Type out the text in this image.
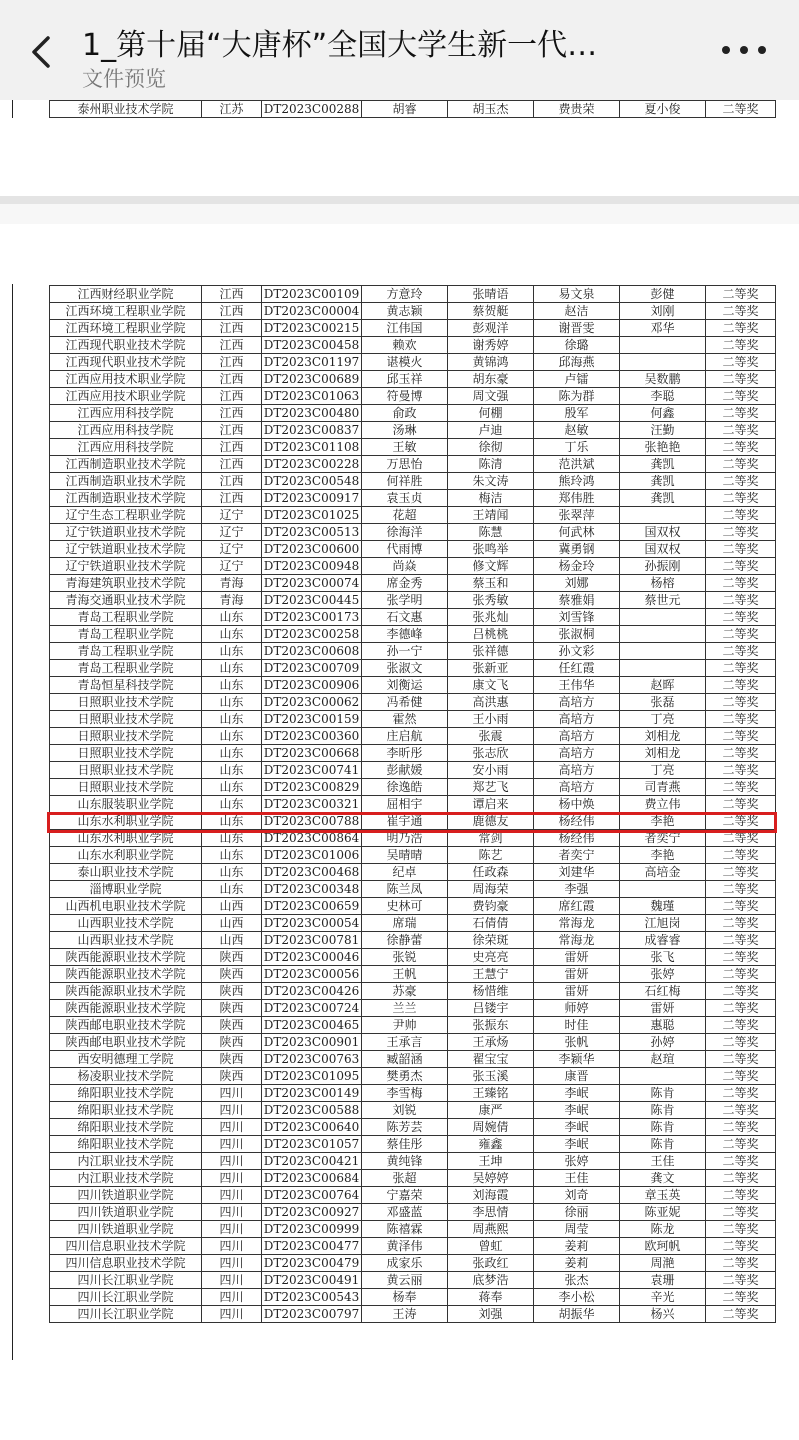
1_第十届“大唐杯”全国大学生新一代…
文件预览
泰州职业技术学院	江苏	DT2023C00288	胡睿	胡玉杰	费贵荣	夏小俊	二等奖
江西财经职业学院	江西	DT2023C00109	方意玲	张晴语	易文泉	彭健	二等奖
江西环境工程职业学院	江西	DT2023C00004	黄志颖	蔡贺艇	赵洁	刘刚	二等奖
江西环境工程职业学院	江西	DT2023C00215	江伟国	彭观洋	谢晋雯	邓华	二等奖
江西现代职业技术学院	江西	DT2023C00458	赖欢	谢秀婷	徐璐		二等奖
江西现代职业技术学院	江西	DT2023C01197	谌模火	黄锦鸿	邱海燕		二等奖
江西应用技术职业学院	江西	DT2023C00689	邱玉祥	胡东豪	卢镭	吴数鹏	二等奖
江西应用技术职业学院	江西	DT2023C01063	符曼博	周文强	陈为群	李聪	二等奖
江西应用科技学院	江西	DT2023C00480	俞政	何棚	殷军	何鑫	二等奖
江西应用科技学院	江西	DT2023C00837	汤琳	卢迪	赵敏	汪勤	二等奖
江西应用科技学院	江西	DT2023C01108	王敏	徐彻	丁乐	张艳艳	二等奖
江西制造职业技术学院	江西	DT2023C00228	万思怡	陈清	范洪斌	龚凯	二等奖
江西制造职业技术学院	江西	DT2023C00548	何祥胜	朱文涛	熊玲鸿	龚凯	二等奖
江西制造职业技术学院	江西	DT2023C00917	袁玉贞	梅洁	郑伟胜	龚凯	二等奖
辽宁生态工程职业学院	辽宁	DT2023C01025	花超	王靖闻	张翠萍		二等奖
辽宁铁道职业技术学院	辽宁	DT2023C00513	徐海洋	陈慧	何武林	国双权	二等奖
辽宁铁道职业技术学院	辽宁	DT2023C00600	代雨博	张鸣举	冀勇钢	国双权	二等奖
辽宁铁道职业技术学院	辽宁	DT2023C00948	尚焱	修文辉	杨金玲	孙振刚	二等奖
青海建筑职业技术学院	青海	DT2023C00074	席金秀	蔡玉和	刘娜	杨榕	二等奖
青海交通职业技术学院	青海	DT2023C00445	张学明	张秀敏	蔡雅娟	蔡世元	二等奖
青岛工程职业学院	山东	DT2023C00173	石文惠	张兆灿	刘雪锋		二等奖
青岛工程职业学院	山东	DT2023C00258	李德峰	吕桃桃	张淑桐		二等奖
青岛工程职业学院	山东	DT2023C00608	孙一宁	张祥德	孙文彩		二等奖
青岛工程职业学院	山东	DT2023C00709	张淑文	张新亚	任红霞		二等奖
青岛恒星科技学院	山东	DT2023C00906	刘衡运	康文飞	王伟华	赵晖	二等奖
日照职业技术学院	山东	DT2023C00062	冯希健	高洪惠	高培方	张磊	二等奖
日照职业技术学院	山东	DT2023C00159	霍然	王小雨	高培方	丁亮	二等奖
日照职业技术学院	山东	DT2023C00360	庄启航	张震	高培方	刘相龙	二等奖
日照职业技术学院	山东	DT2023C00668	李昕彤	张志欣	高培方	刘相龙	二等奖
日照职业技术学院	山东	DT2023C00741	彭献媛	安小雨	高培方	丁亮	二等奖
日照职业技术学院	山东	DT2023C00829	徐逸皓	郑艺飞	高培方	司青燕	二等奖
山东服装职业学院	山东	DT2023C00321	屈相宇	谭启来	杨中焕	费立伟	二等奖
山东水利职业学院	山东	DT2023C00788	崔宇通	鹿德友	杨经伟	李艳	二等奖
山东水利职业学院	山东	DT2023C00864	明乃浩	常剑	杨经伟	者奕宁	二等奖
山东水利职业学院	山东	DT2023C01006	吴晴晴	陈艺	者奕宁	李艳	二等奖
泰山职业技术学院	山东	DT2023C00468	纪卓	任政森	刘建华	高培金	二等奖
淄博职业学院	山东	DT2023C00348	陈兰凤	周海荣	李强		二等奖
山西机电职业技术学院	山西	DT2023C00659	史林可	费钧豪	席红霞	魏瑾	二等奖
山西职业技术学院	山西	DT2023C00054	席瑞	石倩倩	常海龙	江旭岗	二等奖
山西职业技术学院	山西	DT2023C00781	徐静蕾	徐荣斑	常海龙	成睿睿	二等奖
陕西能源职业技术学院	陕西	DT2023C00046	张锐	史亮亮	雷妍	张飞	二等奖
陕西能源职业技术学院	陕西	DT2023C00056	王帆	王慧宁	雷妍	张婷	二等奖
陕西能源职业技术学院	陕西	DT2023C00426	苏豪	杨惜维	雷妍	石红梅	二等奖
陕西能源职业技术学院	陕西	DT2023C00724	兰兰	吕镂宇	师婷	雷妍	二等奖
陕西邮电职业技术学院	陕西	DT2023C00465	尹帅	张振东	时佳	惠聪	二等奖
陕西邮电职业技术学院	陕西	DT2023C00901	王承言	王承炀	张帆	孙婷	二等奖
西安明德理工学院	陕西	DT2023C00763	臧韶涵	翟宝宝	李颖华	赵瑄	二等奖
杨凌职业技术学院	陕西	DT2023C01095	樊勇杰	张玉溪	康晋		二等奖
绵阳职业技术学院	四川	DT2023C00149	李雪梅	王臻铭	李岷	陈肯	二等奖
绵阳职业技术学院	四川	DT2023C00588	刘锐	康严	李岷	陈肯	二等奖
绵阳职业技术学院	四川	DT2023C00640	陈芳芸	周婉倩	李岷	陈肯	二等奖
绵阳职业技术学院	四川	DT2023C01057	蔡佳彤	雍鑫	李岷	陈肯	二等奖
内江职业技术学院	四川	DT2023C00421	黄纯锋	王坤	张婷	王佳	二等奖
内江职业技术学院	四川	DT2023C00684	张超	吴婷婷	王佳	龚文	二等奖
四川铁道职业学院	四川	DT2023C00764	宁嘉荣	刘海霞	刘奇	章玉英	二等奖
四川铁道职业学院	四川	DT2023C00927	邓盛蓝	李思情	徐丽	陈亚妮	二等奖
四川铁道职业学院	四川	DT2023C00999	陈禧霖	周燕熙	周莹	陈龙	二等奖
四川信息职业技术学院	四川	DT2023C00477	黄泽伟	曾虹	姜莉	欧珂帆	二等奖
四川信息职业技术学院	四川	DT2023C00479	成家乐	张政红	姜莉	周滟	二等奖
四川长江职业学院	四川	DT2023C00491	黄云丽	底梦浩	张杰	袁珊	二等奖
四川长江职业学院	四川	DT2023C00543	杨奉	蒋奉	李小松	辛光	二等奖
四川长江职业学院	四川	DT2023C00797	王涛	刘强	胡振华	杨兴	二等奖
